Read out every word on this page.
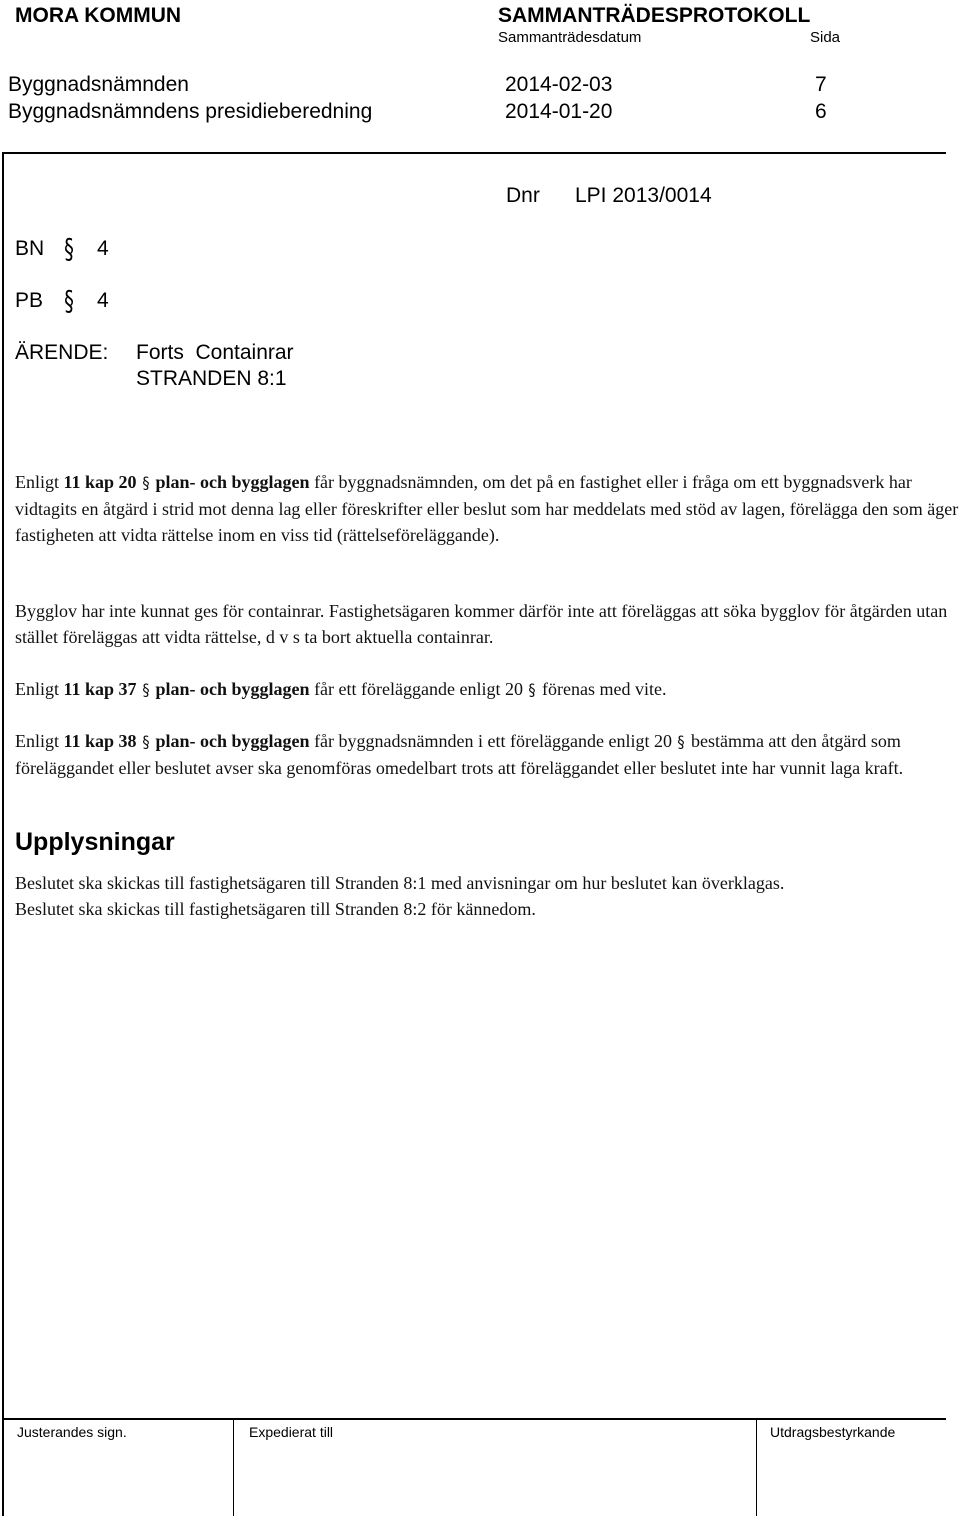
MORA KOMMUN	SAMMANTRÄDESPROTOKOLL
Sammanträdesdatum	Sida
Byggnadsnämnden	2014-02-03	7
Byggnadsnämndens presidieberedning	2014-01-20	6
Dnr LPI 2013/0014
BN § 4
PB § 4
ÄRENDE: Forts  Containrar
STRANDEN 8:1

Enligt 11 kap 20 § plan- och bygglagen får byggnadsnämnden, om det på en fastighet eller i fråga om ett byggnadsverk har vidtagits en åtgärd i strid mot denna lag eller föreskrifter eller beslut som har meddelats med stöd av lagen, förelägga den som äger fastigheten att vidta rättelse inom en viss tid (rättelseföreläggande).

Bygglov har inte kunnat ges för containrar. Fastighetsägaren kommer därför inte att föreläggas att söka bygglov för åtgärden utan stället föreläggas att vidta rättelse, d v s ta bort aktuella containrar.

Enligt 11 kap 37 § plan- och bygglagen får ett föreläggande enligt 20 § förenas med vite.

Enligt 11 kap 38 § plan- och bygglagen får byggnadsnämnden i ett föreläggande enligt 20 § bestämma att den åtgärd som föreläggandet eller beslutet avser ska genomföras omedelbart trots att föreläggandet eller beslutet inte har vunnit laga kraft.

Upplysningar
Beslutet ska skickas till fastighetsägaren till Stranden 8:1 med anvisningar om hur beslutet kan överklagas.
Beslutet ska skickas till fastighetsägaren till Stranden 8:2 för kännedom.
Justerandes sign.	Expedierat till	Utdragsbestyrkande
